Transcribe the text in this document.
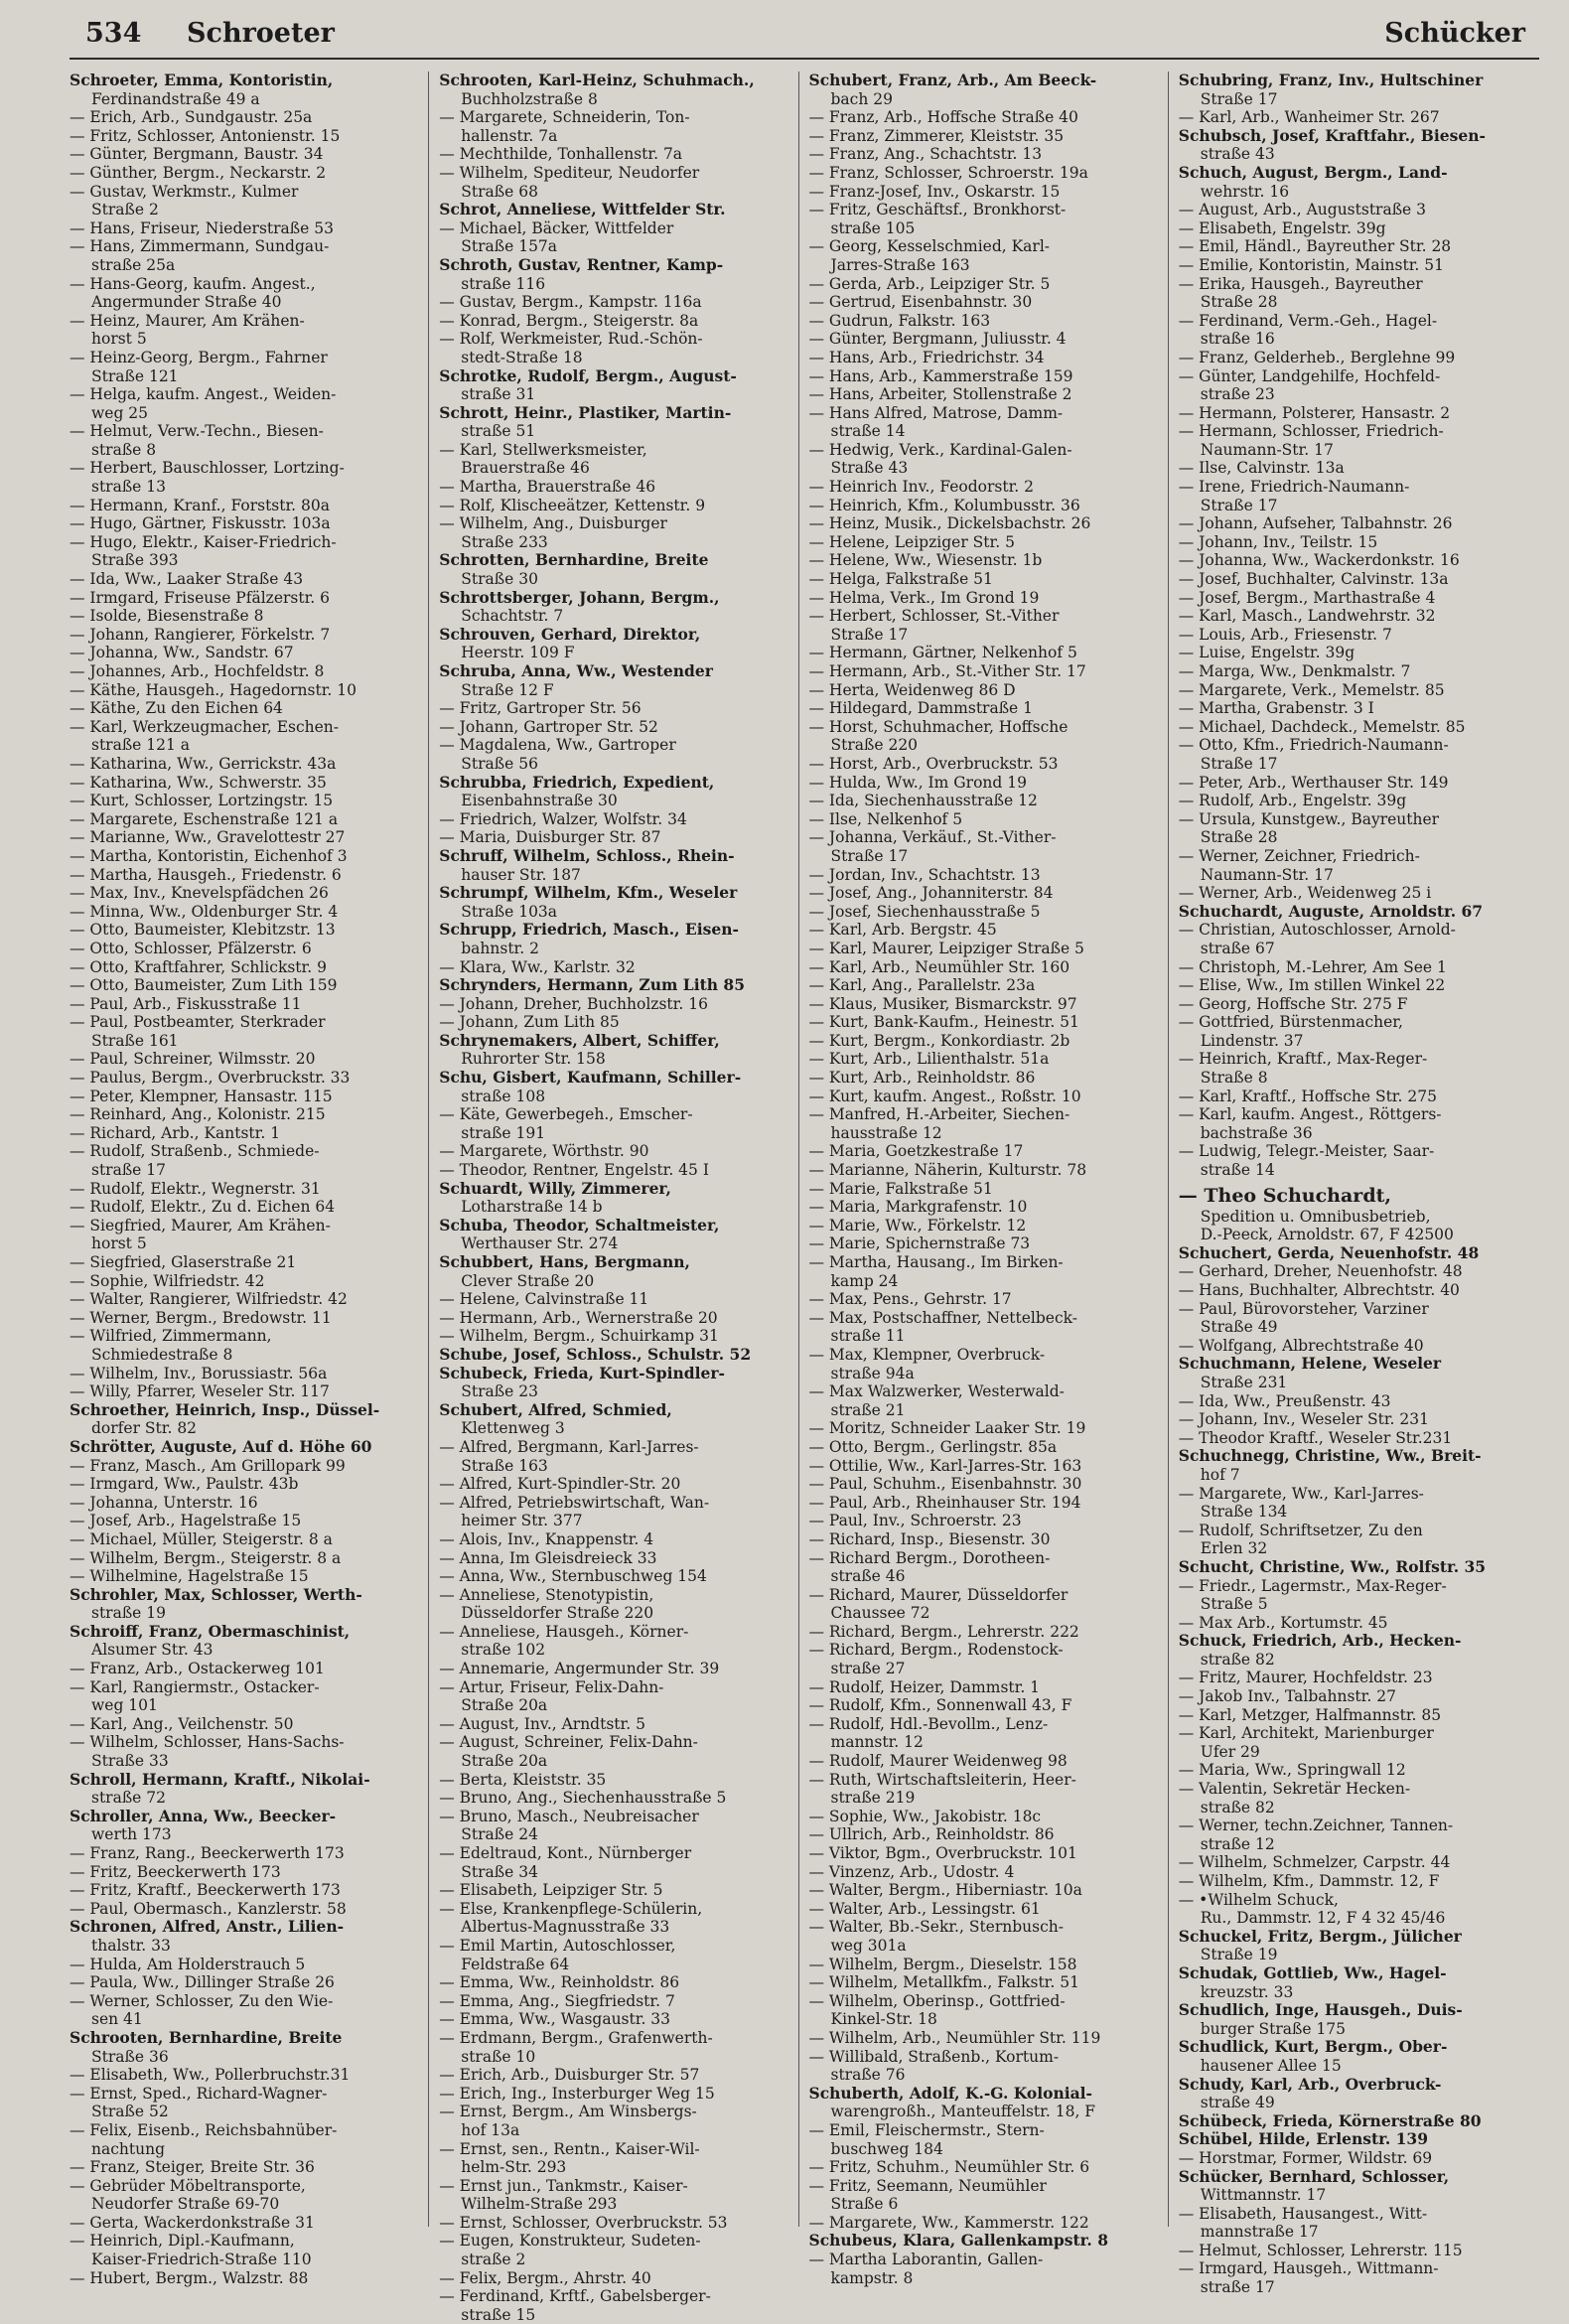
534 Schroeter	Schücker
Schroeter, Emma, Kontoristin,
Ferdinandstraße 49 a
— Erich, Arb., Sundgaustr. 25a
— Fritz, Schlosser, Antonienstr. 15
— Günter, Bergmann, Baustr. 34
— Günther, Bergm., Neckarstr. 2
— Gustav, Werkmstr., Kulmer
Straße 2
— Hans, Friseur, Niederstraße 53
— Hans, Zimmermann, Sundgau-
straße 25a
— Hans-Georg, kaufm. Angest.,
Angermunder Straße 40
— Heinz, Maurer, Am Krähen-
horst 5
— Heinz-Georg, Bergm., Fahrner
Straße 121
— Helga, kaufm. Angest., Weiden-
weg 25
— Helmut, Verw.-Techn., Biesen-
straße 8
— Herbert, Bauschlosser, Lortzing-
straße 13
— Hermann, Kranf., Forststr. 80a
— Hugo, Gärtner, Fiskusstr. 103a
— Hugo, Elektr., Kaiser-Friedrich-
Straße 393
— Ida, Ww., Laaker Straße 43
— Irmgard, Friseuse Pfälzerstr. 6
— Isolde, Biesenstraße 8
— Johann, Rangierer, Förkelstr. 7
— Johanna, Ww., Sandstr. 67
— Johannes, Arb., Hochfeldstr. 8
— Käthe, Hausgeh., Hagedornstr. 10
— Käthe, Zu den Eichen 64
— Karl, Werkzeugmacher, Eschen-
straße 121 a
— Katharina, Ww., Gerrickstr. 43a
— Katharina, Ww., Schwerstr. 35
— Kurt, Schlosser, Lortzingstr. 15
— Margarete, Eschenstraße 121 a
— Marianne, Ww., Gravelottestr 27
— Martha, Kontoristin, Eichenhof 3
— Martha, Hausgeh., Friedenstr. 6
— Max, Inv., Knevelspfädchen 26
— Minna, Ww., Oldenburger Str. 4
— Otto, Baumeister, Klebitzstr. 13
— Otto, Schlosser, Pfälzerstr. 6
— Otto, Kraftfahrer, Schlickstr. 9
— Otto, Baumeister, Zum Lith 159
— Paul, Arb., Fiskusstraße 11
— Paul, Postbeamter, Sterkrader
Straße 161
— Paul, Schreiner, Wilmsstr. 20
— Paulus, Bergm., Overbruckstr. 33
— Peter, Klempner, Hansastr. 115
— Reinhard, Ang., Kolonistr. 215
— Richard, Arb., Kantstr. 1
— Rudolf, Straßenb., Schmiede-
straße 17
— Rudolf, Elektr., Wegnerstr. 31
— Rudolf, Elektr., Zu d. Eichen 64
— Siegfried, Maurer, Am Krähen-
horst 5
— Siegfried, Glaserstraße 21
— Sophie, Wilfriedstr. 42
— Walter, Rangierer, Wilfriedstr. 42
— Werner, Bergm., Bredowstr. 11
— Wilfried, Zimmermann,
Schmiedestraße 8
— Wilhelm, Inv., Borussiastr. 56a
— Willy, Pfarrer, Weseler Str. 117
Schroether, Heinrich, Insp., Düssel-
dorfer Str. 82
Schrötter, Auguste, Auf d. Höhe 60
— Franz, Masch., Am Grillopark 99
— Irmgard, Ww., Paulstr. 43b
— Johanna, Unterstr. 16
— Josef, Arb., Hagelstraße 15
— Michael, Müller, Steigerstr. 8 a
— Wilhelm, Bergm., Steigerstr. 8 a
— Wilhelmine, Hagelstraße 15
Schrohler, Max, Schlosser, Werth-
straße 19
Schroiff, Franz, Obermaschinist,
Alsumer Str. 43
— Franz, Arb., Ostackerweg 101
— Karl, Rangiermstr., Ostacker-
weg 101
— Karl, Ang., Veilchenstr. 50
— Wilhelm, Schlosser, Hans-Sachs-
Straße 33
Schroll, Hermann, Kraftf., Nikolai-
straße 72
Schroller, Anna, Ww., Beecker-
werth 173
— Franz, Rang., Beeckerwerth 173
— Fritz, Beeckerwerth 173
— Fritz, Kraftf., Beeckerwerth 173
— Paul, Obermasch., Kanzlerstr. 58
Schronen, Alfred, Anstr., Lilien-
thalstr. 33
— Hulda, Am Holderstrauch 5
— Paula, Ww., Dillinger Straße 26
— Werner, Schlosser, Zu den Wie-
sen 41
Schrooten, Bernhardine, Breite
Straße 36
— Elisabeth, Ww., Pollerbruchstr.31
— Ernst, Sped., Richard-Wagner-
Straße 52
— Felix, Eisenb., Reichsbahnüber-
nachtung
— Franz, Steiger, Breite Str. 36
— Gebrüder Möbeltransporte,
Neudorfer Straße 69-70
— Gerta, Wackerdonkstraße 31
— Heinrich, Dipl.-Kaufmann,
Kaiser-Friedrich-Straße 110
— Hubert, Bergm., Walzstr. 88
Schrooten, Karl-Heinz, Schuhmach.,
Buchholzstraße 8
— Margarete, Schneiderin, Ton-
hallenstr. 7a
— Mechthilde, Tonhallenstr. 7a
— Wilhelm, Spediteur, Neudorfer
Straße 68
Schrot, Anneliese, Wittfelder Str.
— Michael, Bäcker, Wittfelder
Straße 157a
Schroth, Gustav, Rentner, Kamp-
straße 116
— Gustav, Bergm., Kampstr. 116a
— Konrad, Bergm., Steigerstr. 8a
— Rolf, Werkmeister, Rud.-Schön-
stedt-Straße 18
Schrotke, Rudolf, Bergm., August-
straße 31
Schrott, Heinr., Plastiker, Martin-
straße 51
— Karl, Stellwerksmeister,
Brauerstraße 46
— Martha, Brauerstraße 46
— Rolf, Klischeeätzer, Kettenstr. 9
— Wilhelm, Ang., Duisburger
Straße 233
Schrotten, Bernhardine, Breite
Straße 30
Schrottsberger, Johann, Bergm.,
Schachtstr. 7
Schrouven, Gerhard, Direktor,
Heerstr. 109 F
Schruba, Anna, Ww., Westender
Straße 12 F
— Fritz, Gartroper Str. 56
— Johann, Gartroper Str. 52
— Magdalena, Ww., Gartroper
Straße 56
Schrubba, Friedrich, Expedient,
Eisenbahnstraße 30
— Friedrich, Walzer, Wolfstr. 34
— Maria, Duisburger Str. 87
Schruff, Wilhelm, Schloss., Rhein-
hauser Str. 187
Schrumpf, Wilhelm, Kfm., Weseler
Straße 103a
Schrupp, Friedrich, Masch., Eisen-
bahnstr. 2
— Klara, Ww., Karlstr. 32
Schrynders, Hermann, Zum Lith 85
— Johann, Dreher, Buchholzstr. 16
— Johann, Zum Lith 85
Schrynemakers, Albert, Schiffer,
Ruhrorter Str. 158
Schu, Gisbert, Kaufmann, Schiller-
straße 108
— Käte, Gewerbegeh., Emscher-
straße 191
— Margarete, Wörthstr. 90
— Theodor, Rentner, Engelstr. 45 I
Schuardt, Willy, Zimmerer,
Lotharstraße 14 b
Schuba, Theodor, Schaltmeister,
Werthauser Str. 274
Schubbert, Hans, Bergmann,
Clever Straße 20
— Helene, Calvinstraße 11
— Hermann, Arb., Wernerstraße 20
— Wilhelm, Bergm., Schuirkamp 31
Schube, Josef, Schloss., Schulstr. 52
Schubeck, Frieda, Kurt-Spindler-
Straße 23
Schubert, Alfred, Schmied,
Klettenweg 3
— Alfred, Bergmann, Karl-Jarres-
Straße 163
— Alfred, Kurt-Spindler-Str. 20
— Alfred, Petriebswirtschaft, Wan-
heimer Str. 377
— Alois, Inv., Knappenstr. 4
— Anna, Im Gleisdreieck 33
— Anna, Ww., Sternbuschweg 154
— Anneliese, Stenotypistin,
Düsseldorfer Straße 220
— Anneliese, Hausgeh., Körner-
straße 102
— Annemarie, Angermunder Str. 39
— Artur, Friseur, Felix-Dahn-
Straße 20a
— August, Inv., Arndtstr. 5
— August, Schreiner, Felix-Dahn-
Straße 20a
— Berta, Kleiststr. 35
— Bruno, Ang., Siechenhausstraße 5
— Bruno, Masch., Neubreisacher
Straße 24
— Edeltraud, Kont., Nürnberger
Straße 34
— Elisabeth, Leipziger Str. 5
— Else, Krankenpflege-Schülerin,
Albertus-Magnusstraße 33
— Emil Martin, Autoschlosser,
Feldstraße 64
— Emma, Ww., Reinholdstr. 86
— Emma, Ang., Siegfriedstr. 7
— Emma, Ww., Wasgaustr. 33
— Erdmann, Bergm., Grafenwerth-
straße 10
— Erich, Arb., Duisburger Str. 57
— Erich, Ing., Insterburger Weg 15
— Ernst, Bergm., Am Winsbergs-
hof 13a
— Ernst, sen., Rentn., Kaiser-Wil-
helm-Str. 293
— Ernst jun., Tankmstr., Kaiser-
Wilhelm-Straße 293
— Ernst, Schlosser, Overbruckstr. 53
— Eugen, Konstrukteur, Sudeten-
straße 2
— Felix, Bergm., Ahrstr. 40
— Ferdinand, Krftf., Gabelsberger-
straße 15
Schubert, Franz, Arb., Am Beeck-
bach 29
— Franz, Arb., Hoffsche Straße 40
— Franz, Zimmerer, Kleiststr. 35
— Franz, Ang., Schachtstr. 13
— Franz, Schlosser, Schroerstr. 19a
— Franz-Josef, Inv., Oskarstr. 15
— Fritz, Geschäftsf., Bronkhorst-
straße 105
— Georg, Kesselschmied, Karl-
Jarres-Straße 163
— Gerda, Arb., Leipziger Str. 5
— Gertrud, Eisenbahnstr. 30
— Gudrun, Falkstr. 163
— Günter, Bergmann, Juliusstr. 4
— Hans, Arb., Friedrichstr. 34
— Hans, Arb., Kammerstraße 159
— Hans, Arbeiter, Stollenstraße 2
— Hans Alfred, Matrose, Damm-
straße 14
— Hedwig, Verk., Kardinal-Galen-
Straße 43
— Heinrich Inv., Feodorstr. 2
— Heinrich, Kfm., Kolumbusstr. 36
— Heinz, Musik., Dickelsbachstr. 26
— Helene, Leipziger Str. 5
— Helene, Ww., Wiesenstr. 1b
— Helga, Falkstraße 51
— Helma, Verk., Im Grond 19
— Herbert, Schlosser, St.-Vither
Straße 17
— Hermann, Gärtner, Nelkenhof 5
— Hermann, Arb., St.-Vither Str. 17
— Herta, Weidenweg 86 D
— Hildegard, Dammstraße 1
— Horst, Schuhmacher, Hoffsche
Straße 220
— Horst, Arb., Overbruckstr. 53
— Hulda, Ww., Im Grond 19
— Ida, Siechenhausstraße 12
— Ilse, Nelkenhof 5
— Johanna, Verkäuf., St.-Vither-
Straße 17
— Jordan, Inv., Schachtstr. 13
— Josef, Ang., Johanniterstr. 84
— Josef, Siechenhausstraße 5
— Karl, Arb. Bergstr. 45
— Karl, Maurer, Leipziger Straße 5
— Karl, Arb., Neumühler Str. 160
— Karl, Ang., Parallelstr. 23a
— Klaus, Musiker, Bismarckstr. 97
— Kurt, Bank-Kaufm., Heinestr. 51
— Kurt, Bergm., Konkordiastr. 2b
— Kurt, Arb., Lilienthalstr. 51a
— Kurt, Arb., Reinholdstr. 86
— Kurt, kaufm. Angest., Roßstr. 10
— Manfred, H.-Arbeiter, Siechen-
hausstraße 12
— Maria, Goetzkestraße 17
— Marianne, Näherin, Kulturstr. 78
— Marie, Falkstraße 51
— Maria, Markgrafenstr. 10
— Marie, Ww., Förkelstr. 12
— Marie, Spichernstraße 73
— Martha, Hausang., Im Birken-
kamp 24
— Max, Pens., Gehrstr. 17
— Max, Postschaffner, Nettelbeck-
straße 11
— Max, Klempner, Overbruck-
straße 94a
— Max Walzwerker, Westerwald-
straße 21
— Moritz, Schneider Laaker Str. 19
— Otto, Bergm., Gerlingstr. 85a
— Ottilie, Ww., Karl-Jarres-Str. 163
— Paul, Schuhm., Eisenbahnstr. 30
— Paul, Arb., Rheinhauser Str. 194
— Paul, Inv., Schroerstr. 23
— Richard, Insp., Biesenstr. 30
— Richard Bergm., Dorotheen-
straße 46
— Richard, Maurer, Düsseldorfer
Chaussee 72
— Richard, Bergm., Lehrerstr. 222
— Richard, Bergm., Rodenstock-
straße 27
— Rudolf, Heizer, Dammstr. 1
— Rudolf, Kfm., Sonnenwall 43, F
— Rudolf, Hdl.-Bevollm., Lenz-
mannstr. 12
— Rudolf, Maurer Weidenweg 98
— Ruth, Wirtschaftsleiterin, Heer-
straße 219
— Sophie, Ww., Jakobistr. 18c
— Ullrich, Arb., Reinholdstr. 86
— Viktor, Bgm., Overbruckstr. 101
— Vinzenz, Arb., Udostr. 4
— Walter, Bergm., Hiberniastr. 10a
— Walter, Arb., Lessingstr. 61
— Walter, Bb.-Sekr., Sternbusch-
weg 301a
— Wilhelm, Bergm., Dieselstr. 158
— Wilhelm, Metallkfm., Falkstr. 51
— Wilhelm, Oberinsp., Gottfried-
Kinkel-Str. 18
— Wilhelm, Arb., Neumühler Str. 119
— Willibald, Straßenb., Kortum-
straße 76
Schuberth, Adolf, K.-G. Kolonial-
warengroßh., Manteuffelstr. 18, F
— Emil, Fleischermstr., Stern-
buschweg 184
— Fritz, Schuhm., Neumühler Str. 6
— Fritz, Seemann, Neumühler
Straße 6
— Margarete, Ww., Kammerstr. 122
Schubeus, Klara, Gallenkampstr. 8
— Martha Laborantin, Gallen-
kampstr. 8
Schubring, Franz, Inv., Hultschiner
Straße 17
— Karl, Arb., Wanheimer Str. 267
Schubsch, Josef, Kraftfahr., Biesen-
straße 43
Schuch, August, Bergm., Land-
wehrstr. 16
— August, Arb., Auguststraße 3
— Elisabeth, Engelstr. 39g
— Emil, Händl., Bayreuther Str. 28
— Emilie, Kontoristin, Mainstr. 51
— Erika, Hausgeh., Bayreuther
Straße 28
— Ferdinand, Verm.-Geh., Hagel-
straße 16
— Franz, Gelderheb., Berglehne 99
— Günter, Landgehilfe, Hochfeld-
straße 23
— Hermann, Polsterer, Hansastr. 2
— Hermann, Schlosser, Friedrich-
Naumann-Str. 17
— Ilse, Calvinstr. 13a
— Irene, Friedrich-Naumann-
Straße 17
— Johann, Aufseher, Talbahnstr. 26
— Johann, Inv., Teilstr. 15
— Johanna, Ww., Wackerdonkstr. 16
— Josef, Buchhalter, Calvinstr. 13a
— Josef, Bergm., Marthastraße 4
— Karl, Masch., Landwehrstr. 32
— Louis, Arb., Friesenstr. 7
— Luise, Engelstr. 39g
— Marga, Ww., Denkmalstr. 7
— Margarete, Verk., Memelstr. 85
— Martha, Grabenstr. 3 I
— Michael, Dachdeck., Memelstr. 85
— Otto, Kfm., Friedrich-Naumann-
Straße 17
— Peter, Arb., Werthauser Str. 149
— Rudolf, Arb., Engelstr. 39g
— Ursula, Kunstgew., Bayreuther
Straße 28
— Werner, Zeichner, Friedrich-
Naumann-Str. 17
— Werner, Arb., Weidenweg 25 i
Schuchardt, Auguste, Arnoldstr. 67
— Christian, Autoschlosser, Arnold-
straße 67
— Christoph, M.-Lehrer, Am See 1
— Elise, Ww., Im stillen Winkel 22
— Georg, Hoffsche Str. 275 F
— Gottfried, Bürstenmacher,
Lindenstr. 37
— Heinrich, Kraftf., Max-Reger-
Straße 8
— Karl, Kraftf., Hoffsche Str. 275
— Karl, kaufm. Angest., Röttgers-
bachstraße 36
— Ludwig, Telegr.-Meister, Saar-
straße 14
— Theo Schuchardt,
Spedition u. Omnibusbetrieb,
D.-Peeck, Arnoldstr. 67, F 42500
Schuchert, Gerda, Neuenhofstr. 48
— Gerhard, Dreher, Neuenhofstr. 48
— Hans, Buchhalter, Albrechtstr. 40
— Paul, Bürovorsteher, Varziner
Straße 49
— Wolfgang, Albrechtstraße 40
Schuchmann, Helene, Weseler
Straße 231
— Ida, Ww., Preußenstr. 43
— Johann, Inv., Weseler Str. 231
— Theodor Kraftf., Weseler Str.231
Schuchnegg, Christine, Ww., Breit-
hof 7
— Margarete, Ww., Karl-Jarres-
Straße 134
— Rudolf, Schriftsetzer, Zu den
Erlen 32
Schucht, Christine, Ww., Rolfstr. 35
— Friedr., Lagermstr., Max-Reger-
Straße 5
— Max Arb., Kortumstr. 45
Schuck, Friedrich, Arb., Hecken-
straße 82
— Fritz, Maurer, Hochfeldstr. 23
— Jakob Inv., Talbahnstr. 27
— Karl, Metzger, Halfmannstr. 85
— Karl, Architekt, Marienburger
Ufer 29
— Maria, Ww., Springwall 12
— Valentin, Sekretär Hecken-
straße 82
— Werner, techn.Zeichner, Tannen-
straße 12
— Wilhelm, Schmelzer, Carpstr. 44
— Wilhelm, Kfm., Dammstr. 12, F
— •Wilhelm Schuck,
Ru., Dammstr. 12, F 4 32 45/46
Schuckel, Fritz, Bergm., Jülicher
Straße 19
Schudak, Gottlieb, Ww., Hagel-
kreuzstr. 33
Schudlich, Inge, Hausgeh., Duis-
burger Straße 175
Schudlick, Kurt, Bergm., Ober-
hausener Allee 15
Schudy, Karl, Arb., Overbruck-
straße 49
Schübeck, Frieda, Körnerstraße 80
Schübel, Hilde, Erlenstr. 139
— Horstmar, Former, Wildstr. 69
Schücker, Bernhard, Schlosser,
Wittmannstr. 17
— Elisabeth, Hausangest., Witt-
mannstraße 17
— Helmut, Schlosser, Lehrerstr. 115
— Irmgard, Hausgeh., Wittmann-
straße 17
